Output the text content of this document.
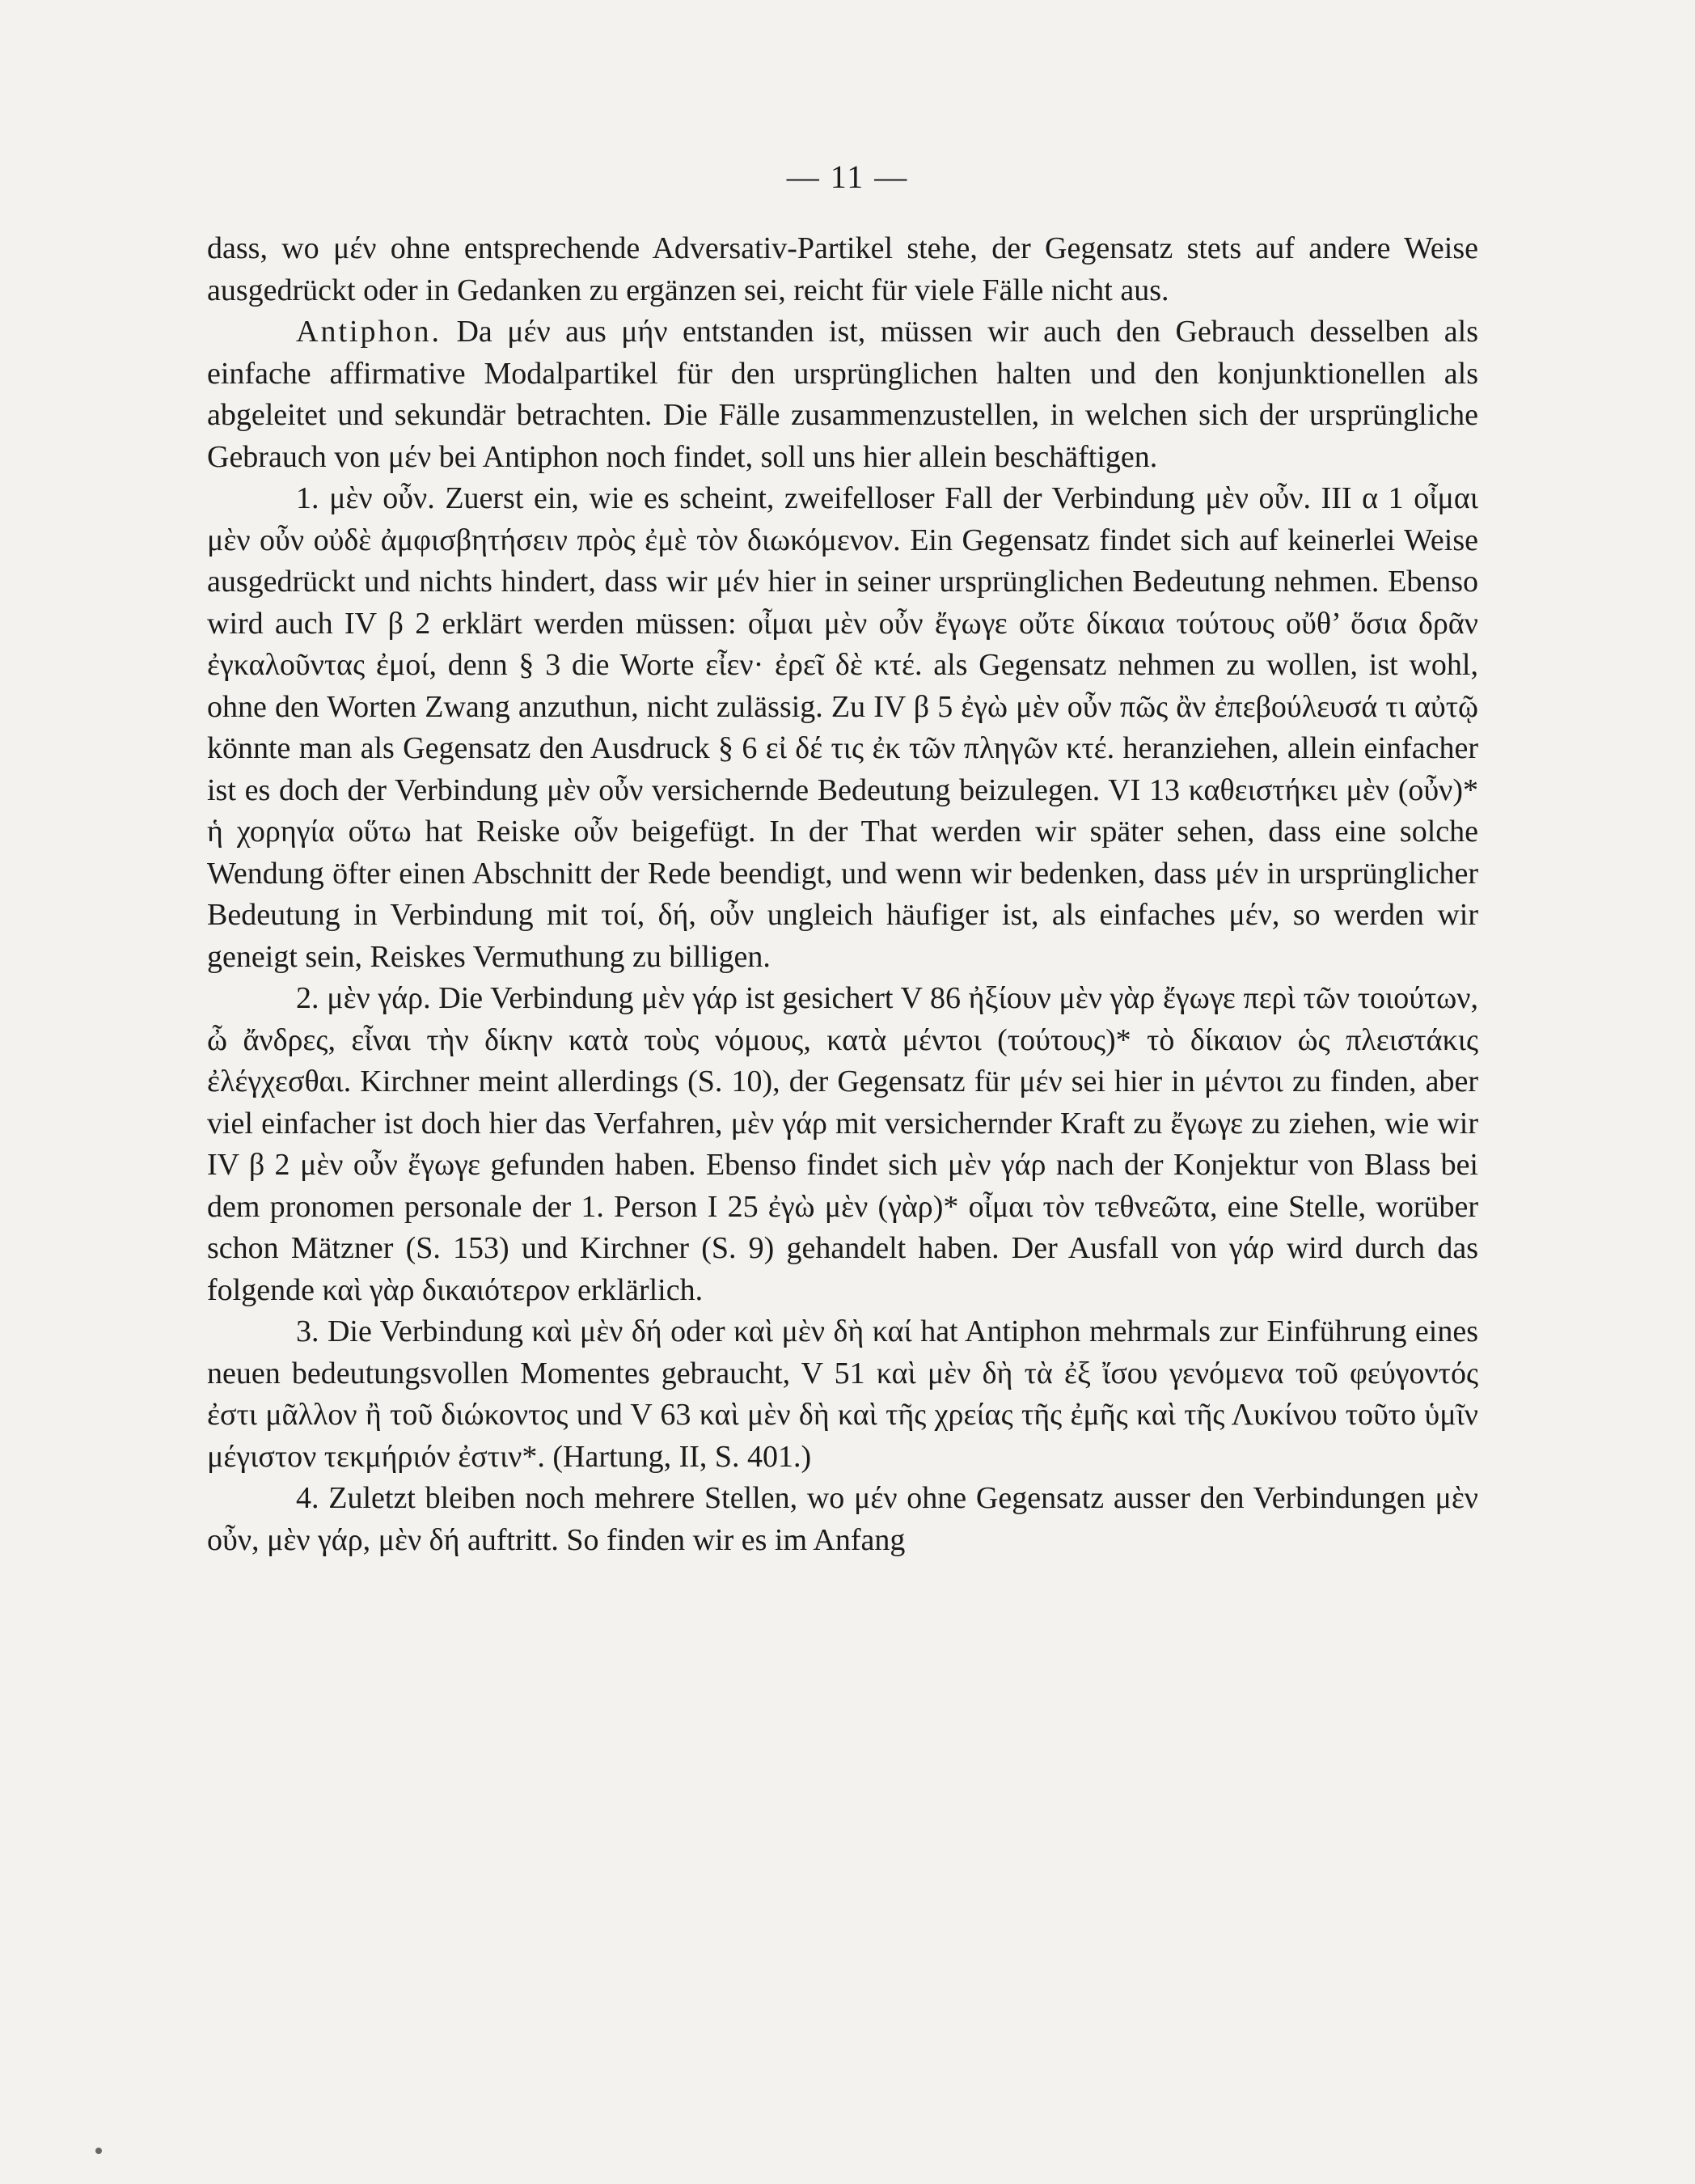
— 11 —

dass, wo μέν ohne entsprechende Adversativ-Partikel stehe, der Gegensatz stets auf andere Weise ausgedrückt oder in Gedanken zu ergänzen sei, reicht für viele Fälle nicht aus.

Antiphon. Da μέν aus μήν entstanden ist, müssen wir auch den Gebrauch desselben als einfache affirmative Modalpartikel für den ursprünglichen halten und den konjunktionellen als abgeleitet und sekundär betrachten. Die Fälle zusammenzustellen, in welchen sich der ursprüngliche Gebrauch von μέν bei Antiphon noch findet, soll uns hier allein beschäftigen.

1. μὲν οὖν. Zuerst ein, wie es scheint, zweifelloser Fall der Verbindung μὲν οὖν. III α 1 οἶμαι μὲν οὖν οὐδὲ ἀμφισβητήσειν πρὸς ἐμὲ τὸν διωκόμενον. Ein Gegensatz findet sich auf keinerlei Weise ausgedrückt und nichts hindert, dass wir μέν hier in seiner ursprünglichen Bedeutung nehmen. Ebenso wird auch IV β 2 erklärt werden müssen: οἶμαι μὲν οὖν ἔγωγε οὔτε δίκαια τούτους οὔθ’ ὅσια δρᾶν ἐγκαλοῦντας ἐμοί, denn § 3 die Worte εἶεν· ἐρεῖ δὲ κτέ. als Gegensatz nehmen zu wollen, ist wohl, ohne den Worten Zwang anzuthun, nicht zulässig. Zu IV β 5 ἐγὼ μὲν οὖν πῶς ἂν ἐπεβούλευσά τι αὐτῷ könnte man als Gegensatz den Ausdruck § 6 εἰ δέ τις ἐκ τῶν πληγῶν κτέ. heranziehen, allein einfacher ist es doch der Verbindung μὲν οὖν versichernde Bedeutung beizulegen. VI 13 καθειστήκει μὲν (οὖν)* ἡ χορηγία οὕτω hat Reiske οὖν beigefügt. In der That werden wir später sehen, dass eine solche Wendung öfter einen Abschnitt der Rede beendigt, und wenn wir bedenken, dass μέν in ursprünglicher Bedeutung in Verbindung mit τοί, δή, οὖν ungleich häufiger ist, als einfaches μέν, so werden wir geneigt sein, Reiskes Vermuthung zu billigen.

2. μὲν γάρ. Die Verbindung μὲν γάρ ist gesichert V 86 ἠξίουν μὲν γὰρ ἔγωγε περὶ τῶν τοιούτων, ὦ ἄνδρες, εἶναι τὴν δίκην κατὰ τοὺς νόμους, κατὰ μέντοι (τούτους)* τὸ δίκαιον ὡς πλειστάκις ἐλέγχεσθαι. Kirchner meint allerdings (S. 10), der Gegensatz für μέν sei hier in μέντοι zu finden, aber viel einfacher ist doch hier das Verfahren, μὲν γάρ mit versichernder Kraft zu ἔγωγε zu ziehen, wie wir IV β 2 μὲν οὖν ἔγωγε gefunden haben. Ebenso findet sich μὲν γάρ nach der Konjektur von Blass bei dem pronomen personale der 1. Person I 25 ἐγὼ μὲν (γὰρ)* οἶμαι τὸν τεθνεῶτα, eine Stelle, worüber schon Mätzner (S. 153) und Kirchner (S. 9) gehandelt haben. Der Ausfall von γάρ wird durch das folgende καὶ γὰρ δικαιότερον erklärlich.

3. Die Verbindung καὶ μὲν δή oder καὶ μὲν δὴ καί hat Antiphon mehrmals zur Einführung eines neuen bedeutungsvollen Momentes gebraucht, V 51 καὶ μὲν δὴ τὰ ἐξ ἴσου γενόμενα τοῦ φεύγοντός ἐστι μᾶλλον ἢ τοῦ διώκοντος und V 63 καὶ μὲν δὴ καὶ τῆς χρείας τῆς ἐμῆς καὶ τῆς Λυκίνου τοῦτο ὑμῖν μέγιστον τεκμήριόν ἐστιν*. (Hartung, II, S. 401.)

4. Zuletzt bleiben noch mehrere Stellen, wo μέν ohne Gegensatz ausser den Verbindungen μὲν οὖν, μὲν γάρ, μὲν δή auftritt. So finden wir es im Anfang
